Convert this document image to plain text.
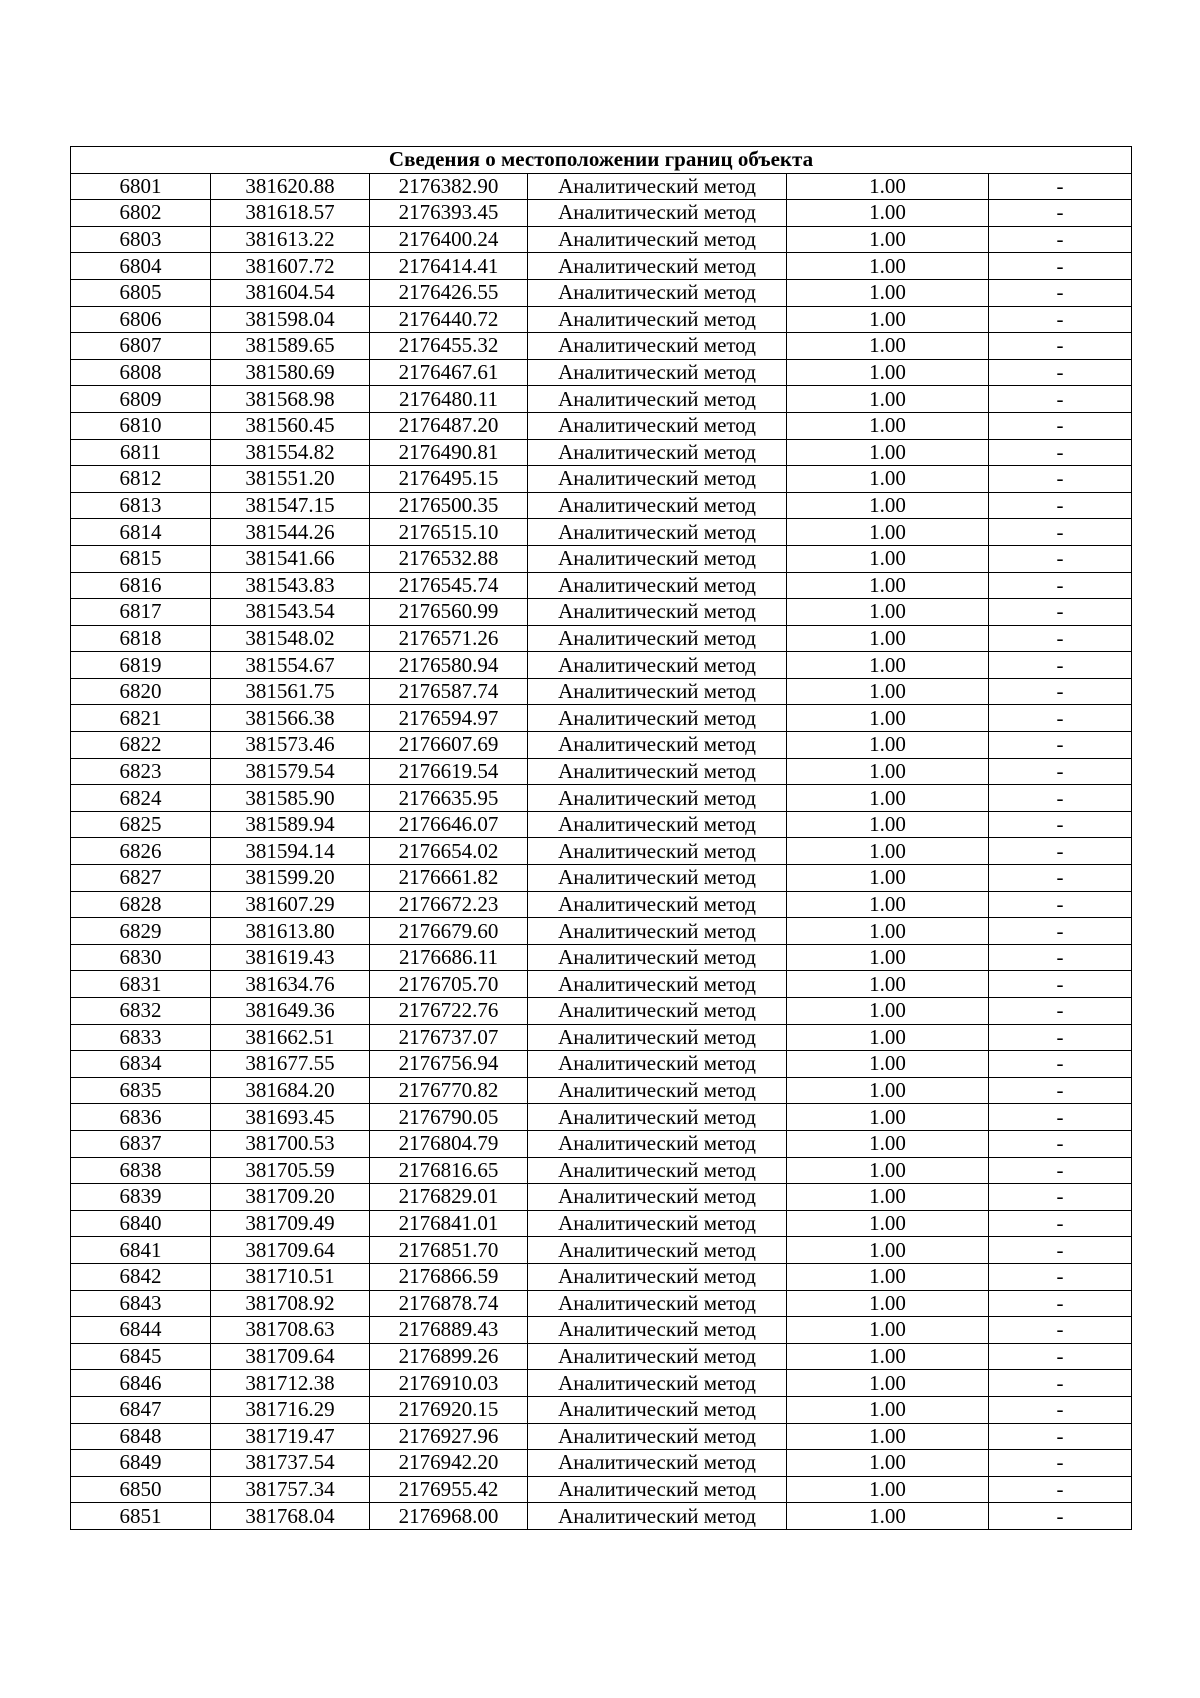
Сведения о местоположении границ объекта					
6801	381620.88	2176382.90	Аналитический метод	1.00	-
6802	381618.57	2176393.45	Аналитический метод	1.00	-
6803	381613.22	2176400.24	Аналитический метод	1.00	-
6804	381607.72	2176414.41	Аналитический метод	1.00	-
6805	381604.54	2176426.55	Аналитический метод	1.00	-
6806	381598.04	2176440.72	Аналитический метод	1.00	-
6807	381589.65	2176455.32	Аналитический метод	1.00	-
6808	381580.69	2176467.61	Аналитический метод	1.00	-
6809	381568.98	2176480.11	Аналитический метод	1.00	-
6810	381560.45	2176487.20	Аналитический метод	1.00	-
6811	381554.82	2176490.81	Аналитический метод	1.00	-
6812	381551.20	2176495.15	Аналитический метод	1.00	-
6813	381547.15	2176500.35	Аналитический метод	1.00	-
6814	381544.26	2176515.10	Аналитический метод	1.00	-
6815	381541.66	2176532.88	Аналитический метод	1.00	-
6816	381543.83	2176545.74	Аналитический метод	1.00	-
6817	381543.54	2176560.99	Аналитический метод	1.00	-
6818	381548.02	2176571.26	Аналитический метод	1.00	-
6819	381554.67	2176580.94	Аналитический метод	1.00	-
6820	381561.75	2176587.74	Аналитический метод	1.00	-
6821	381566.38	2176594.97	Аналитический метод	1.00	-
6822	381573.46	2176607.69	Аналитический метод	1.00	-
6823	381579.54	2176619.54	Аналитический метод	1.00	-
6824	381585.90	2176635.95	Аналитический метод	1.00	-
6825	381589.94	2176646.07	Аналитический метод	1.00	-
6826	381594.14	2176654.02	Аналитический метод	1.00	-
6827	381599.20	2176661.82	Аналитический метод	1.00	-
6828	381607.29	2176672.23	Аналитический метод	1.00	-
6829	381613.80	2176679.60	Аналитический метод	1.00	-
6830	381619.43	2176686.11	Аналитический метод	1.00	-
6831	381634.76	2176705.70	Аналитический метод	1.00	-
6832	381649.36	2176722.76	Аналитический метод	1.00	-
6833	381662.51	2176737.07	Аналитический метод	1.00	-
6834	381677.55	2176756.94	Аналитический метод	1.00	-
6835	381684.20	2176770.82	Аналитический метод	1.00	-
6836	381693.45	2176790.05	Аналитический метод	1.00	-
6837	381700.53	2176804.79	Аналитический метод	1.00	-
6838	381705.59	2176816.65	Аналитический метод	1.00	-
6839	381709.20	2176829.01	Аналитический метод	1.00	-
6840	381709.49	2176841.01	Аналитический метод	1.00	-
6841	381709.64	2176851.70	Аналитический метод	1.00	-
6842	381710.51	2176866.59	Аналитический метод	1.00	-
6843	381708.92	2176878.74	Аналитический метод	1.00	-
6844	381708.63	2176889.43	Аналитический метод	1.00	-
6845	381709.64	2176899.26	Аналитический метод	1.00	-
6846	381712.38	2176910.03	Аналитический метод	1.00	-
6847	381716.29	2176920.15	Аналитический метод	1.00	-
6848	381719.47	2176927.96	Аналитический метод	1.00	-
6849	381737.54	2176942.20	Аналитический метод	1.00	-
6850	381757.34	2176955.42	Аналитический метод	1.00	-
6851	381768.04	2176968.00	Аналитический метод	1.00	-
